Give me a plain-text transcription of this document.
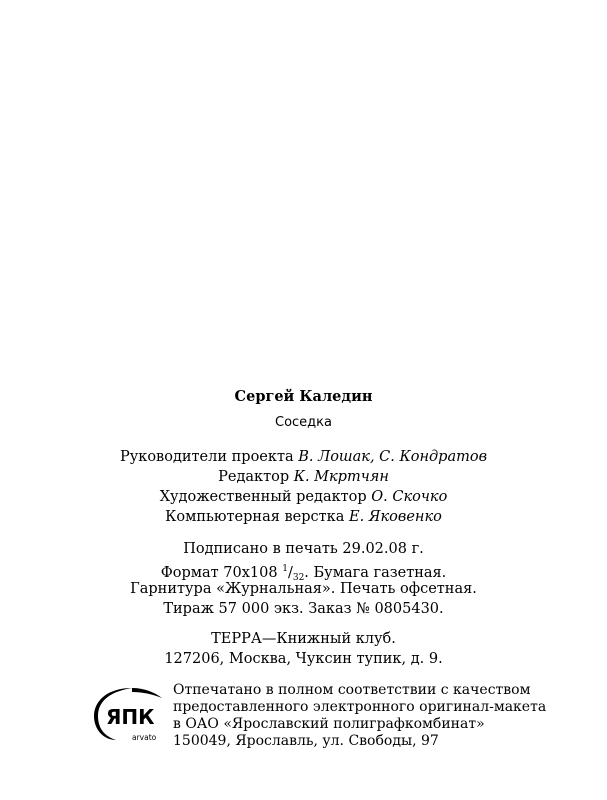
Сергей Каледин
Соседка
Руководители проекта В. Лошак, С. Кондратов
Редактор К. Мкртчян
Художественный редактор О. Скочко
Компьютерная верстка Е. Яковенко
Подписано в печать 29.02.08 г.
Формат 70х108 $^1/_{32}$. Бумага газетная.
Гарнитура «Журнальная». Печать офсетная.
Тираж 57 000 экз. Заказ № 0805430.
ТЕРРА—Книжный клуб.
127206, Москва, Чуксин тупик, д. 9.
ЯПК
arvato
Отпечатано в полном соответствии с качеством
предоставленного электронного оригинал-макета
в ОАО «Ярославский полиграфкомбинат»
150049, Ярославль, ул. Свободы, 97
